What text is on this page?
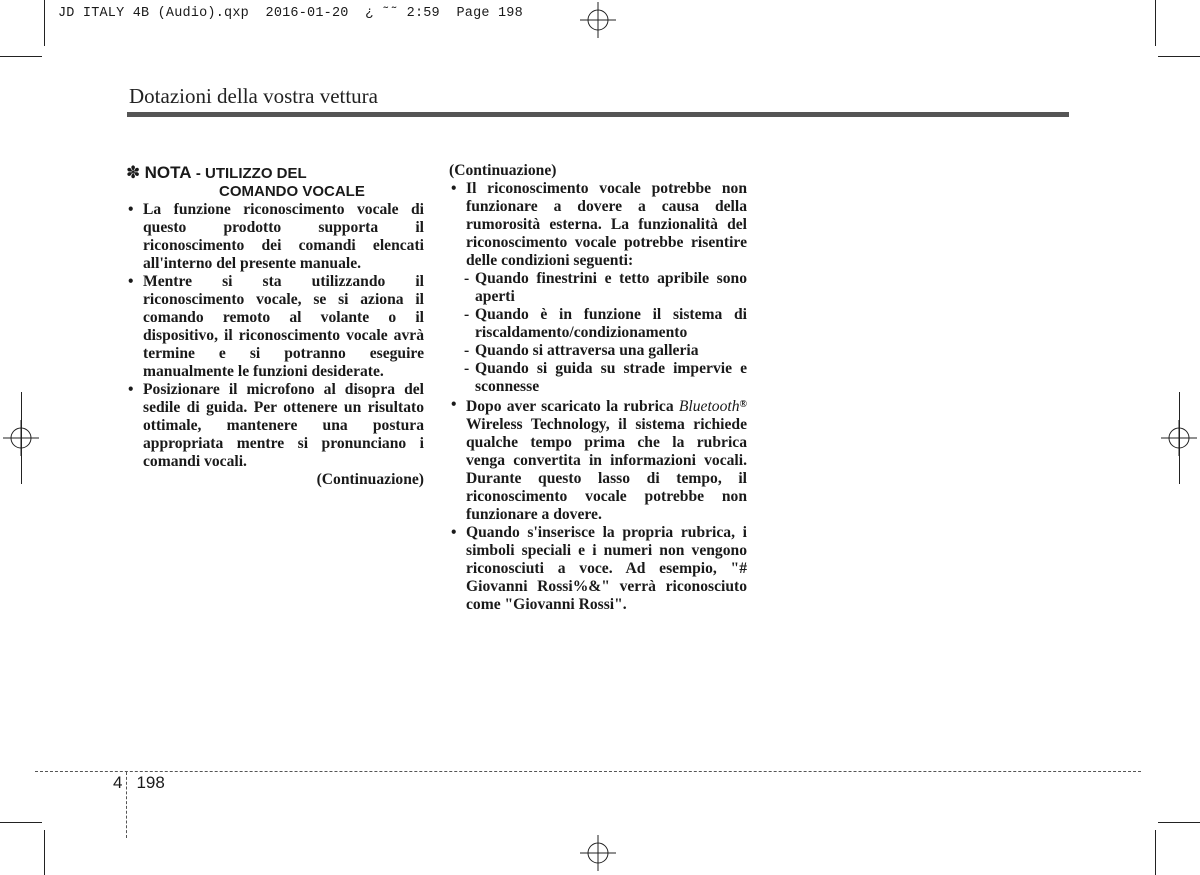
JD ITALY 4B (Audio).qxp  2016-01-20  ¿ ˜˜ 2:59  Page 198
Dotazioni della vostra vettura
✽ NOTA - UTILIZZO DEL
COMANDO VOCALE
• La funzione riconoscimento vocale di questo prodotto supporta il riconoscimento dei comandi elencati all'interno del presente manuale.
• Mentre si sta utilizzando il riconoscimento vocale, se si aziona il comando remoto al volante o il dispositivo, il riconoscimento vocale avrà termine e si potranno eseguire manualmente le funzioni desiderate.
• Posizionare il microfono al disopra del sedile di guida. Per ottenere un risultato ottimale, mantenere una postura appropriata mentre si pronunciano i comandi vocali.
(Continuazione)
(Continuazione)
• Il riconoscimento vocale potrebbe non funzionare a dovere a causa della rumorosità esterna. La funzionalità del riconoscimento vocale potrebbe risentire delle condizioni seguenti:
- Quando finestrini e tetto apribile sono aperti
- Quando è in funzione il sistema di riscaldamento/condizionamento
- Quando si attraversa una galleria
- Quando si guida su strade impervie e sconnesse
• Dopo aver scaricato la rubrica Bluetooth® Wireless Technology, il sistema richiede qualche tempo prima che la rubrica venga convertita in informazioni vocali. Durante questo lasso di tempo, il riconoscimento vocale potrebbe non funzionare a dovere.
• Quando s'inserisce la propria rubrica, i simboli speciali e i numeri non vengono riconosciuti a voce. Ad esempio, "# Giovanni Rossi%&" verrà riconosciuto come "Giovanni Rossi".
4 198
